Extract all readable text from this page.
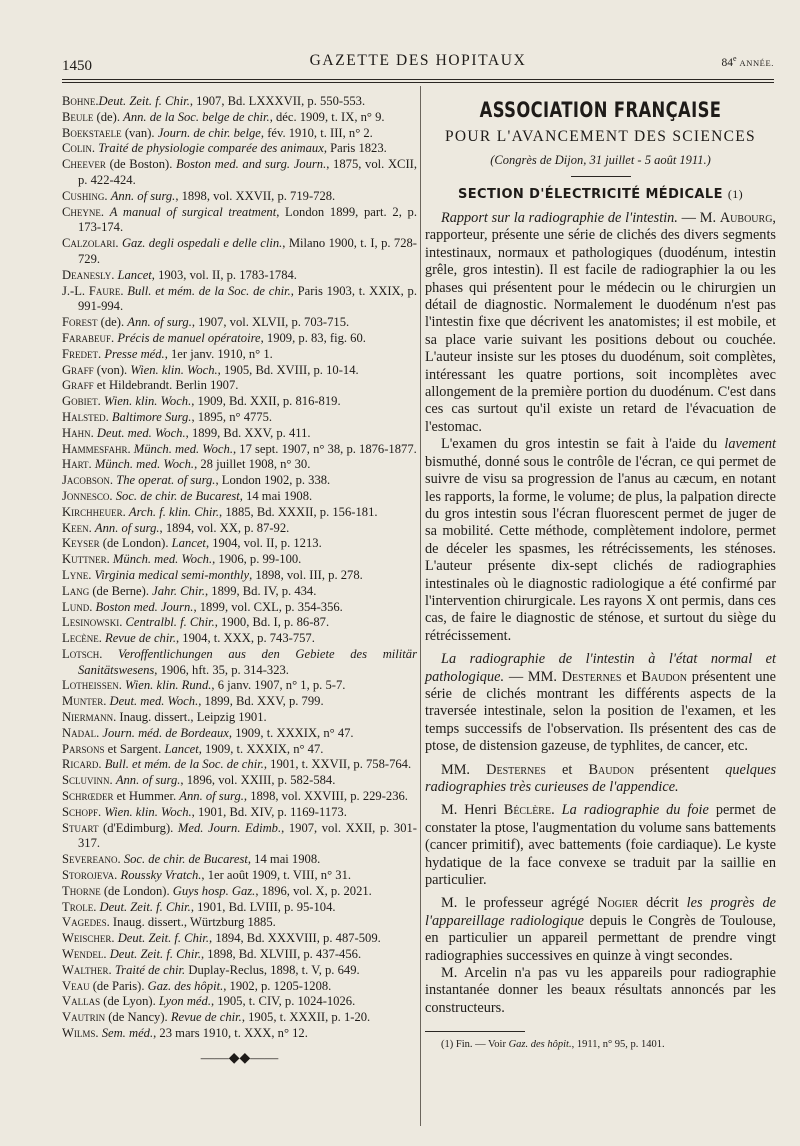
1450	GAZETTE DES HOPITAUX	84e ANNÉE.
Bohne.Deut. Zeit. f. Chir., 1907, Bd. LXXXVII, p. 550-553.
Beule (de). Ann. de la Soc. belge de chir., déc. 1909, t. IX, n° 9.
Boekstaele (van). Journ. de chir. belge, fév. 1910, t. III, n° 2.
Colin. Traité de physiologie comparée des animaux, Paris 1823.
Cheever (de Boston). Boston med. and surg. Journ., 1875, vol. XCII, p. 422-424.
Cushing. Ann. of surg., 1898, vol. XXVII, p. 719-728.
Cheyne. A manual of surgical treatment, London 1899, part. 2, p. 173-174.
Calzolari. Gaz. degli ospedali e delle clin., Milano 1900, t. I, p. 728-729.
Deanesly. Lancet, 1903, vol. II, p. 1783-1784.
J.-L. Faure. Bull. et mém. de la Soc. de chir., Paris 1903, t. XXIX, p. 991-994.
Forest (de). Ann. of surg., 1907, vol. XLVII, p. 703-715.
Farabeuf. Précis de manuel opératoire, 1909, p. 83, fig. 60.
Fredet. Presse méd., 1er janv. 1910, n° 1.
Graff (von). Wien. klin. Woch., 1905, Bd. XVIII, p. 10-14.
Graff et Hildebrandt. Berlin 1907.
Gobiet. Wien. klin. Woch., 1909, Bd. XXII, p. 816-819.
Halsted. Baltimore Surg., 1895, n° 4775.
Hahn. Deut. med. Woch., 1899, Bd. XXV, p. 411.
Hammesfahr. Münch. med. Woch., 17 sept. 1907, n° 38, p. 1876-1877.
Hart. Münch. med. Woch., 28 juillet 1908, n° 30.
Jacobson. The operat. of surg., London 1902, p. 338.
Jonnesco. Soc. de chir. de Bucarest, 14 mai 1908.
Kirchheuer. Arch. f. klin. Chir., 1885, Bd. XXXII, p. 156-181.
Keen. Ann. of surg., 1894, vol. XX, p. 87-92.
Keyser (de London). Lancet, 1904, vol. II, p. 1213.
Kuttner. Münch. med. Woch., 1906, p. 99-100.
Lyne. Virginia medical semi-monthly, 1898, vol. III, p. 278.
Lang (de Berne). Jahr. Chir., 1899, Bd. IV, p. 434.
Lund. Boston med. Journ., 1899, vol. CXL, p. 354-356.
Lesinowski. Centralbl. f. Chir., 1900, Bd. I, p. 86-87.
Lecène. Revue de chir., 1904, t. XXX, p. 743-757.
Lotsch. Veroffentlichungen aus den Gebiete des militär Sanitätswesens, 1906, hft. 35, p. 314-323.
Lotheissen. Wien. klin. Rund., 6 janv. 1907, n° 1, p. 5-7.
Munter. Deut. med. Woch., 1899, Bd. XXV, p. 799.
Niermann. Inaug. dissert., Leipzig 1901.
Nadal. Journ. méd. de Bordeaux, 1909, t. XXXIX, n° 47.
Parsons et Sargent. Lancet, 1909, t. XXXIX, n° 47.
Ricard. Bull. et mém. de la Soc. de chir., 1901, t. XXVII, p. 758-764.
Scluvinn. Ann. of surg., 1896, vol. XXIII, p. 582-584.
Schrœder et Hummer. Ann. of surg., 1898, vol. XXVIII, p. 229-236.
Schopf. Wien. klin. Woch., 1901, Bd. XIV, p. 1169-1173.
Stuart (d'Edimburg). Med. Journ. Edimb., 1907, vol. XXII, p. 301-317.
Severeano. Soc. de chir. de Bucarest, 14 mai 1908.
Storojeva. Roussky Vratch., 1er août 1909, t. VIII, n° 31.
Thorne (de London). Guys hosp. Gaz., 1896, vol. X, p. 2021.
Trole. Deut. Zeit. f. Chir., 1901, Bd. LVIII, p. 95-104.
Vagedes. Inaug. dissert., Würtzburg 1885.
Weischer. Deut. Zeit. f. Chir., 1894, Bd. XXXVIII, p. 487-509.
Wendel. Deut. Zeit. f. Chir., 1898, Bd. XLVIII, p. 437-456.
Walther. Traité de chir. Duplay-Reclus, 1898, t. V, p. 649.
Veau (de Paris). Gaz. des hôpit., 1902, p. 1205-1208.
Vallas (de Lyon). Lyon méd., 1905, t. CIV, p. 1024-1026.
Vautrin (de Nancy). Revue de chir., 1905, t. XXXII, p. 1-20.
Wilms. Sem. méd., 23 mars 1910, t. XXX, n° 12.
——◆◆——
ASSOCIATION FRANÇAISE
POUR L'AVANCEMENT DES SCIENCES
(Congrès de Dijon, 31 juillet - 5 août 1911.)
SECTION D'ÉLECTRICITÉ MÉDICALE (1)

Rapport sur la radiographie de l'intestin. — M. Aubourg, rapporteur, présente une série de clichés des divers segments intestinaux, normaux et pathologiques (duodénum, intestin grêle, gros intestin). Il est facile de radiographier la ou les phases qui présentent pour le médecin ou le chirurgien un détail de diagnostic. Normalement le duodénum n'est pas l'intestin fixe que décrivent les anatomistes; il est mobile, et sa place varie suivant les positions debout ou couchée. L'auteur insiste sur les ptoses du duodénum, soit complètes, intéressant les quatre portions, soit incomplètes avec allongement de la première portion du duodénum. C'est dans ces cas surtout qu'il existe un retard de l'évacuation de l'estomac.

L'examen du gros intestin se fait à l'aide du lavement bismuthé, donné sous le contrôle de l'écran, ce qui permet de suivre de visu sa progression de l'anus au cæcum, en notant les rapports, la forme, le volume; de plus, la palpation directe du gros intestin sous l'écran fluorescent permet de juger de sa mobilité. Cette méthode, complètement indolore, permet de déceler les spasmes, les rétrécissements, les sténoses. L'auteur présente dix-sept clichés de radiographies intestinales où le diagnostic radiologique a été confirmé par l'intervention chirurgicale. Les rayons X ont permis, dans ces cas, de faire le diagnostic de sténose, et surtout du siège du rétrécissement.

La radiographie de l'intestin à l'état normal et pathologique. — MM. Desternes et Baudon présentent une série de clichés montrant les différents aspects de la traversée intestinale, selon la position de l'examen, et les temps successifs de l'observation. Ils présentent des cas de ptose, de distension gazeuse, de typhlites, de cancer, etc.

MM. Desternes et Baudon présentent quelques radiographies très curieuses de l'appendice.

M. Henri Béclère. La radiographie du foie permet de constater la ptose, l'augmentation du volume sans battements (cancer primitif), avec battements (foie cardiaque). Le kyste hydatique de la face convexe se traduit par la saillie en particulier.

M. le professeur agrégé Nogier décrit les progrès de l'appareillage radiologique depuis le Congrès de Toulouse, en particulier un appareil permettant de prendre vingt radiographies successives en quinze à vingt secondes.

M. Arcelin n'a pas vu les appareils pour radiographie instantanée donner les beaux résultats annoncés par les constructeurs.

(1) Fin. — Voir Gaz. des hôpit., 1911, n° 95, p. 1401.
